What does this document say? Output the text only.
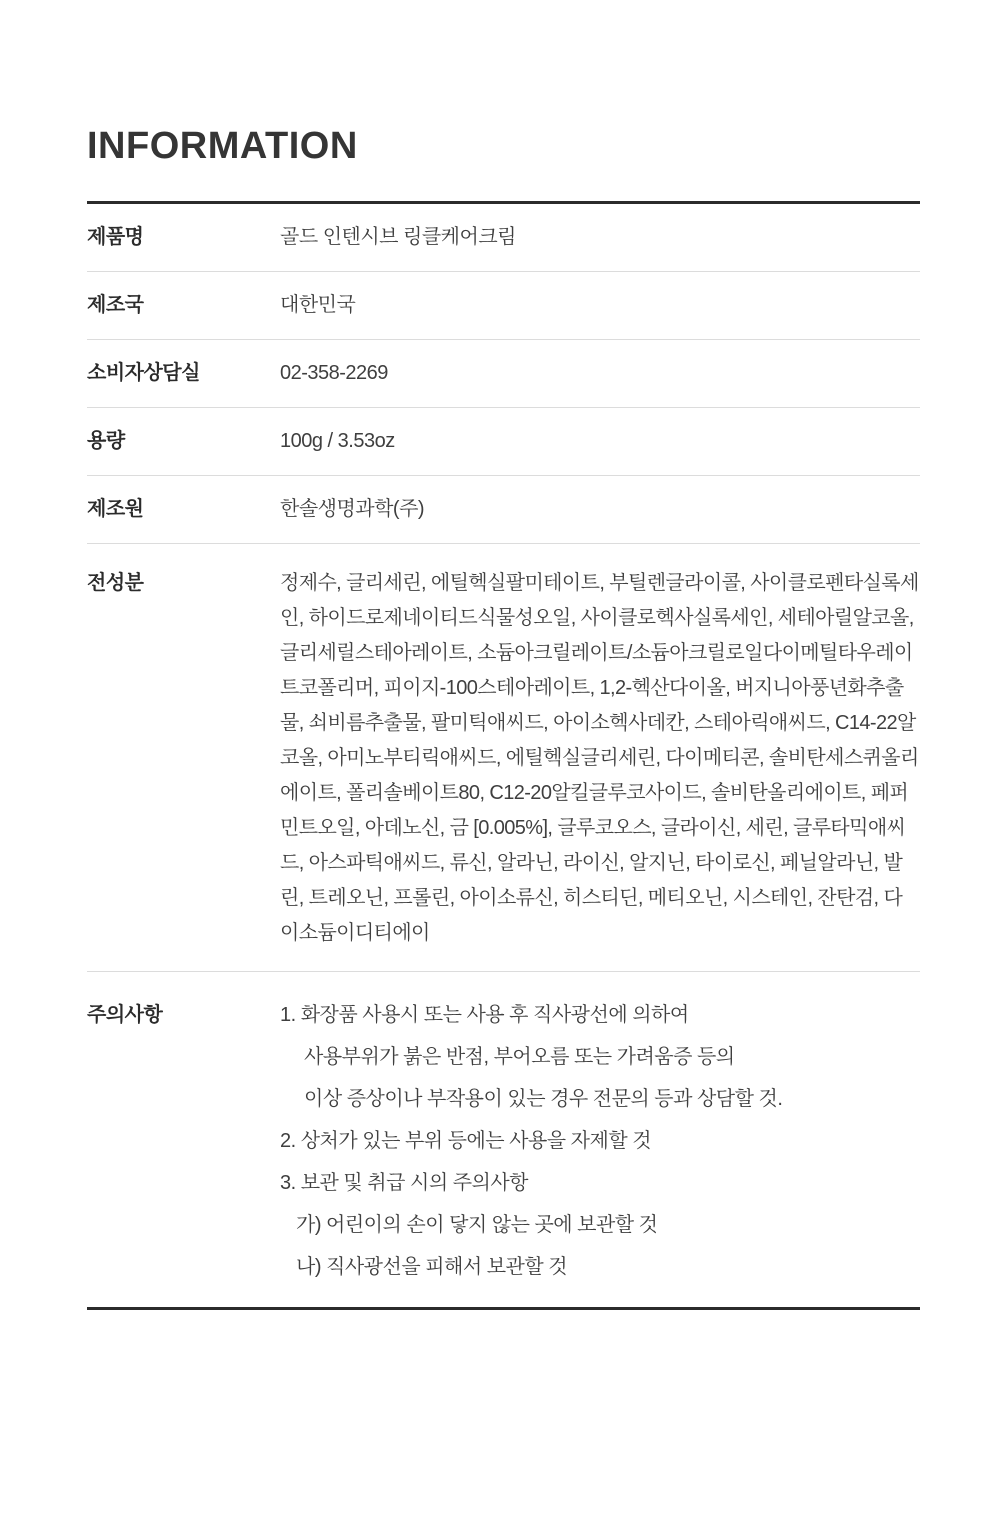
INFORMATION
제품명	골드 인텐시브 링클케어크림
제조국	대한민국
소비자상담실	02-358-2269
용량	100g / 3.53oz
제조원	한솔생명과학(주)
전성분	정제수, 글리세린, 에틸헥실팔미테이트, 부틸렌글라이콜, 사이클로펜타실록세인, 하이드로제네이티드식물성오일, 사이클로헥사실록세인, 세테아릴알코올, 글리세릴스테아레이트, 소듐아크릴레이트/소듐아크릴로일다이메틸타우레이트코폴리머, 피이지-100스테아레이트, 1,2-헥산다이올, 버지니아풍년화추출물, 쇠비름추출물, 팔미틱애씨드, 아이소헥사데칸, 스테아릭애씨드, C14-22알코올, 아미노부티릭애씨드, 에틸헥실글리세린, 다이메티콘, 솔비탄세스퀴올리에이트, 폴리솔베이트80, C12-20알킬글루코사이드, 솔비탄올리에이트, 페퍼민트오일, 아데노신, 금 [0.005%], 글루코오스, 글라이신, 세린, 글루타믹애씨드, 아스파틱애씨드, 류신, 알라닌, 라이신, 알지닌, 타이로신, 페닐알라닌, 발린, 트레오닌, 프롤린, 아이소류신, 히스티딘, 메티오닌, 시스테인, 잔탄검, 다이소듐이디티에이
주의사항	1. 화장품 사용시 또는 사용 후 직사광선에 의하여
사용부위가 붉은 반점, 부어오름 또는 가려움증 등의
이상 증상이나 부작용이 있는 경우 전문의 등과 상담할 것.
2. 상처가 있는 부위 등에는 사용을 자제할 것
3. 보관 및 취급 시의 주의사항
가) 어린이의 손이 닿지 않는 곳에 보관할 것
나) 직사광선을 피해서 보관할 것
